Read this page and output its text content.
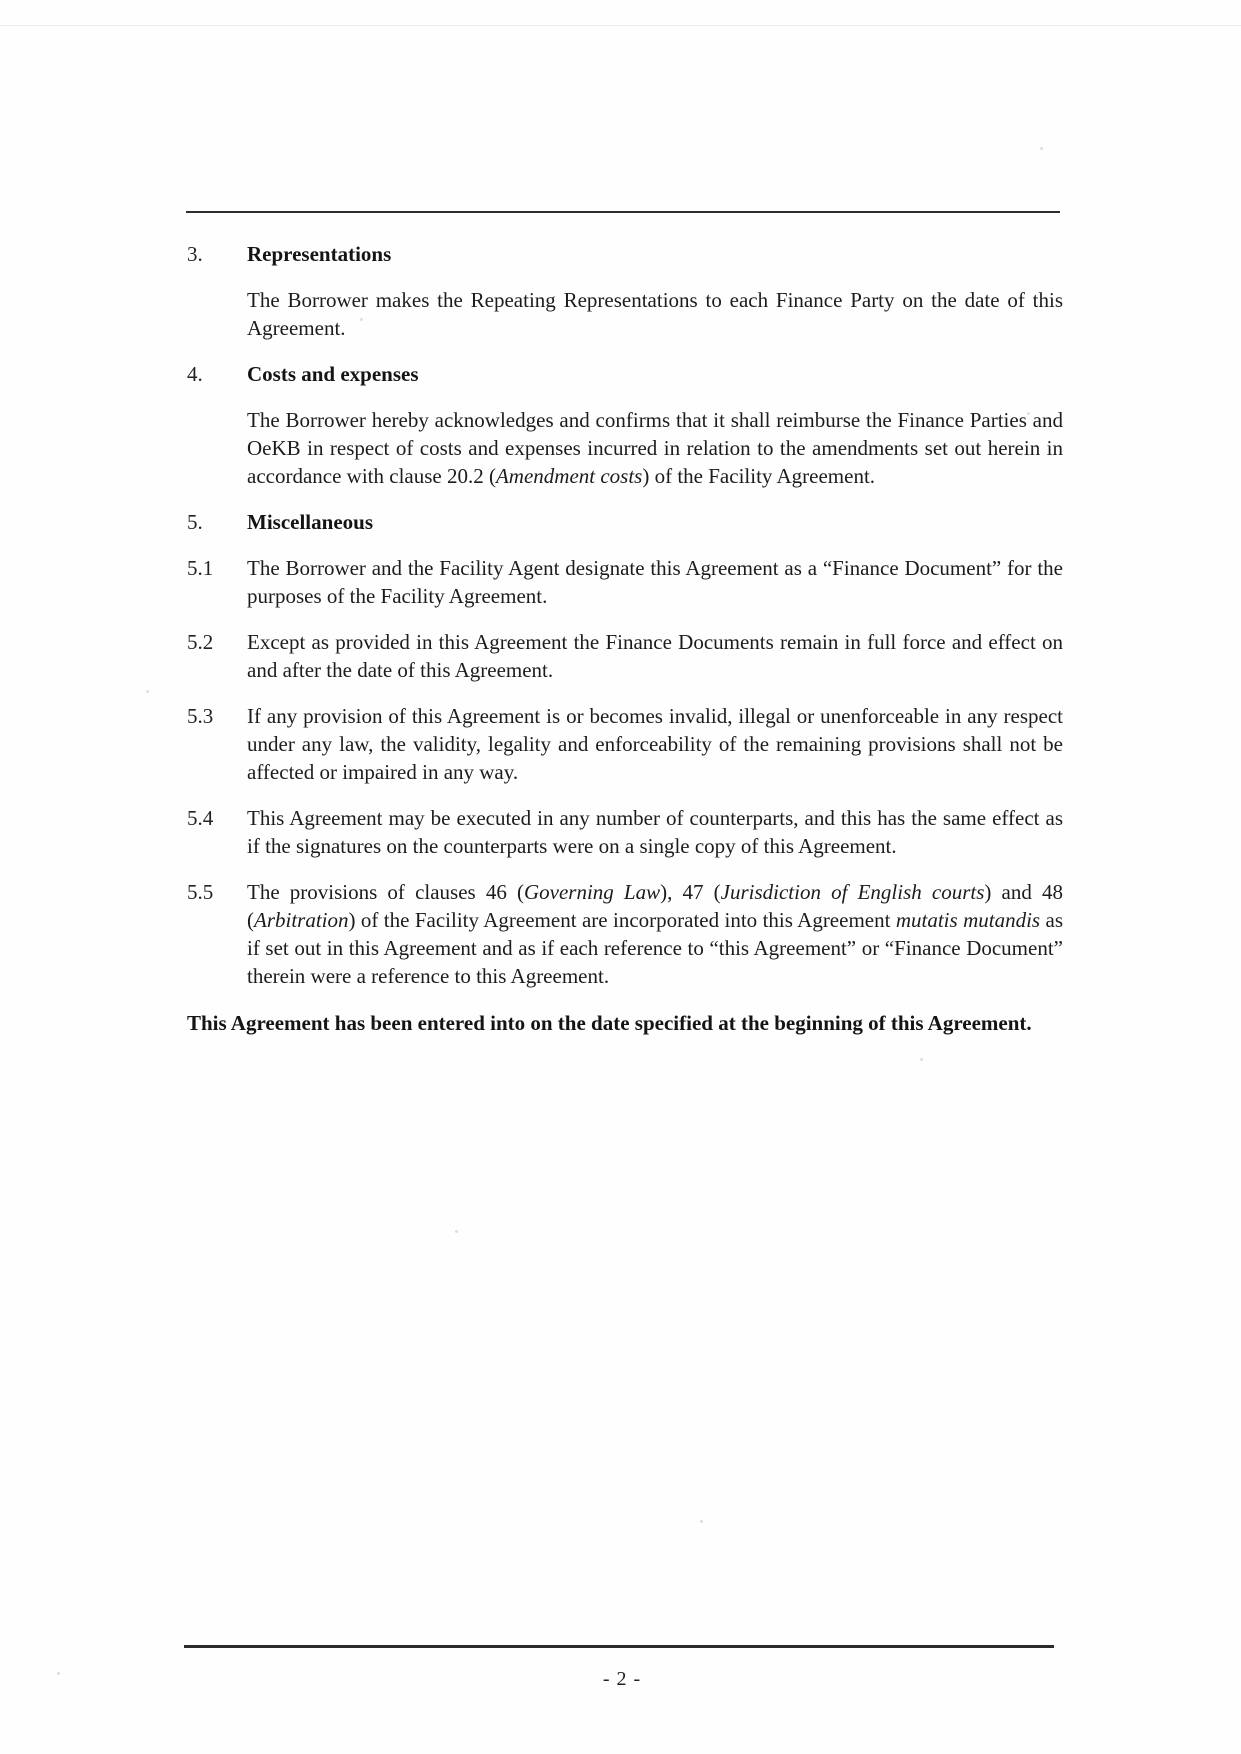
3.	Representations

The Borrower makes the Repeating Representations to each Finance Party on the date of this Agreement.

4.	Costs and expenses

The Borrower hereby acknowledges and confirms that it shall reimburse the Finance Parties and OeKB in respect of costs and expenses incurred in relation to the amendments set out herein in accordance with clause 20.2 (Amendment costs) of the Facility Agreement.

5.	Miscellaneous
5.1	The Borrower and the Facility Agent designate this Agreement as a “Finance Document” for the purposes of the Facility Agreement.

5.2	Except as provided in this Agreement the Finance Documents remain in full force and effect on and after the date of this Agreement.

5.3	If any provision of this Agreement is or becomes invalid, illegal or unenforceable in any respect under any law, the validity, legality and enforceability of the remaining provisions shall not be affected or impaired in any way.

5.4	This Agreement may be executed in any number of counterparts, and this has the same effect as if the signatures on the counterparts were on a single copy of this Agreement.

5.5	The provisions of clauses 46 (Governing Law), 47 (Jurisdiction of English courts) and 48 (Arbitration) of the Facility Agreement are incorporated into this Agreement mutatis mutandis as if set out in this Agreement and as if each reference to “this Agreement” or “Finance Document” therein were a reference to this Agreement.

This Agreement has been entered into on the date specified at the beginning of this Agreement.

- 2 -
